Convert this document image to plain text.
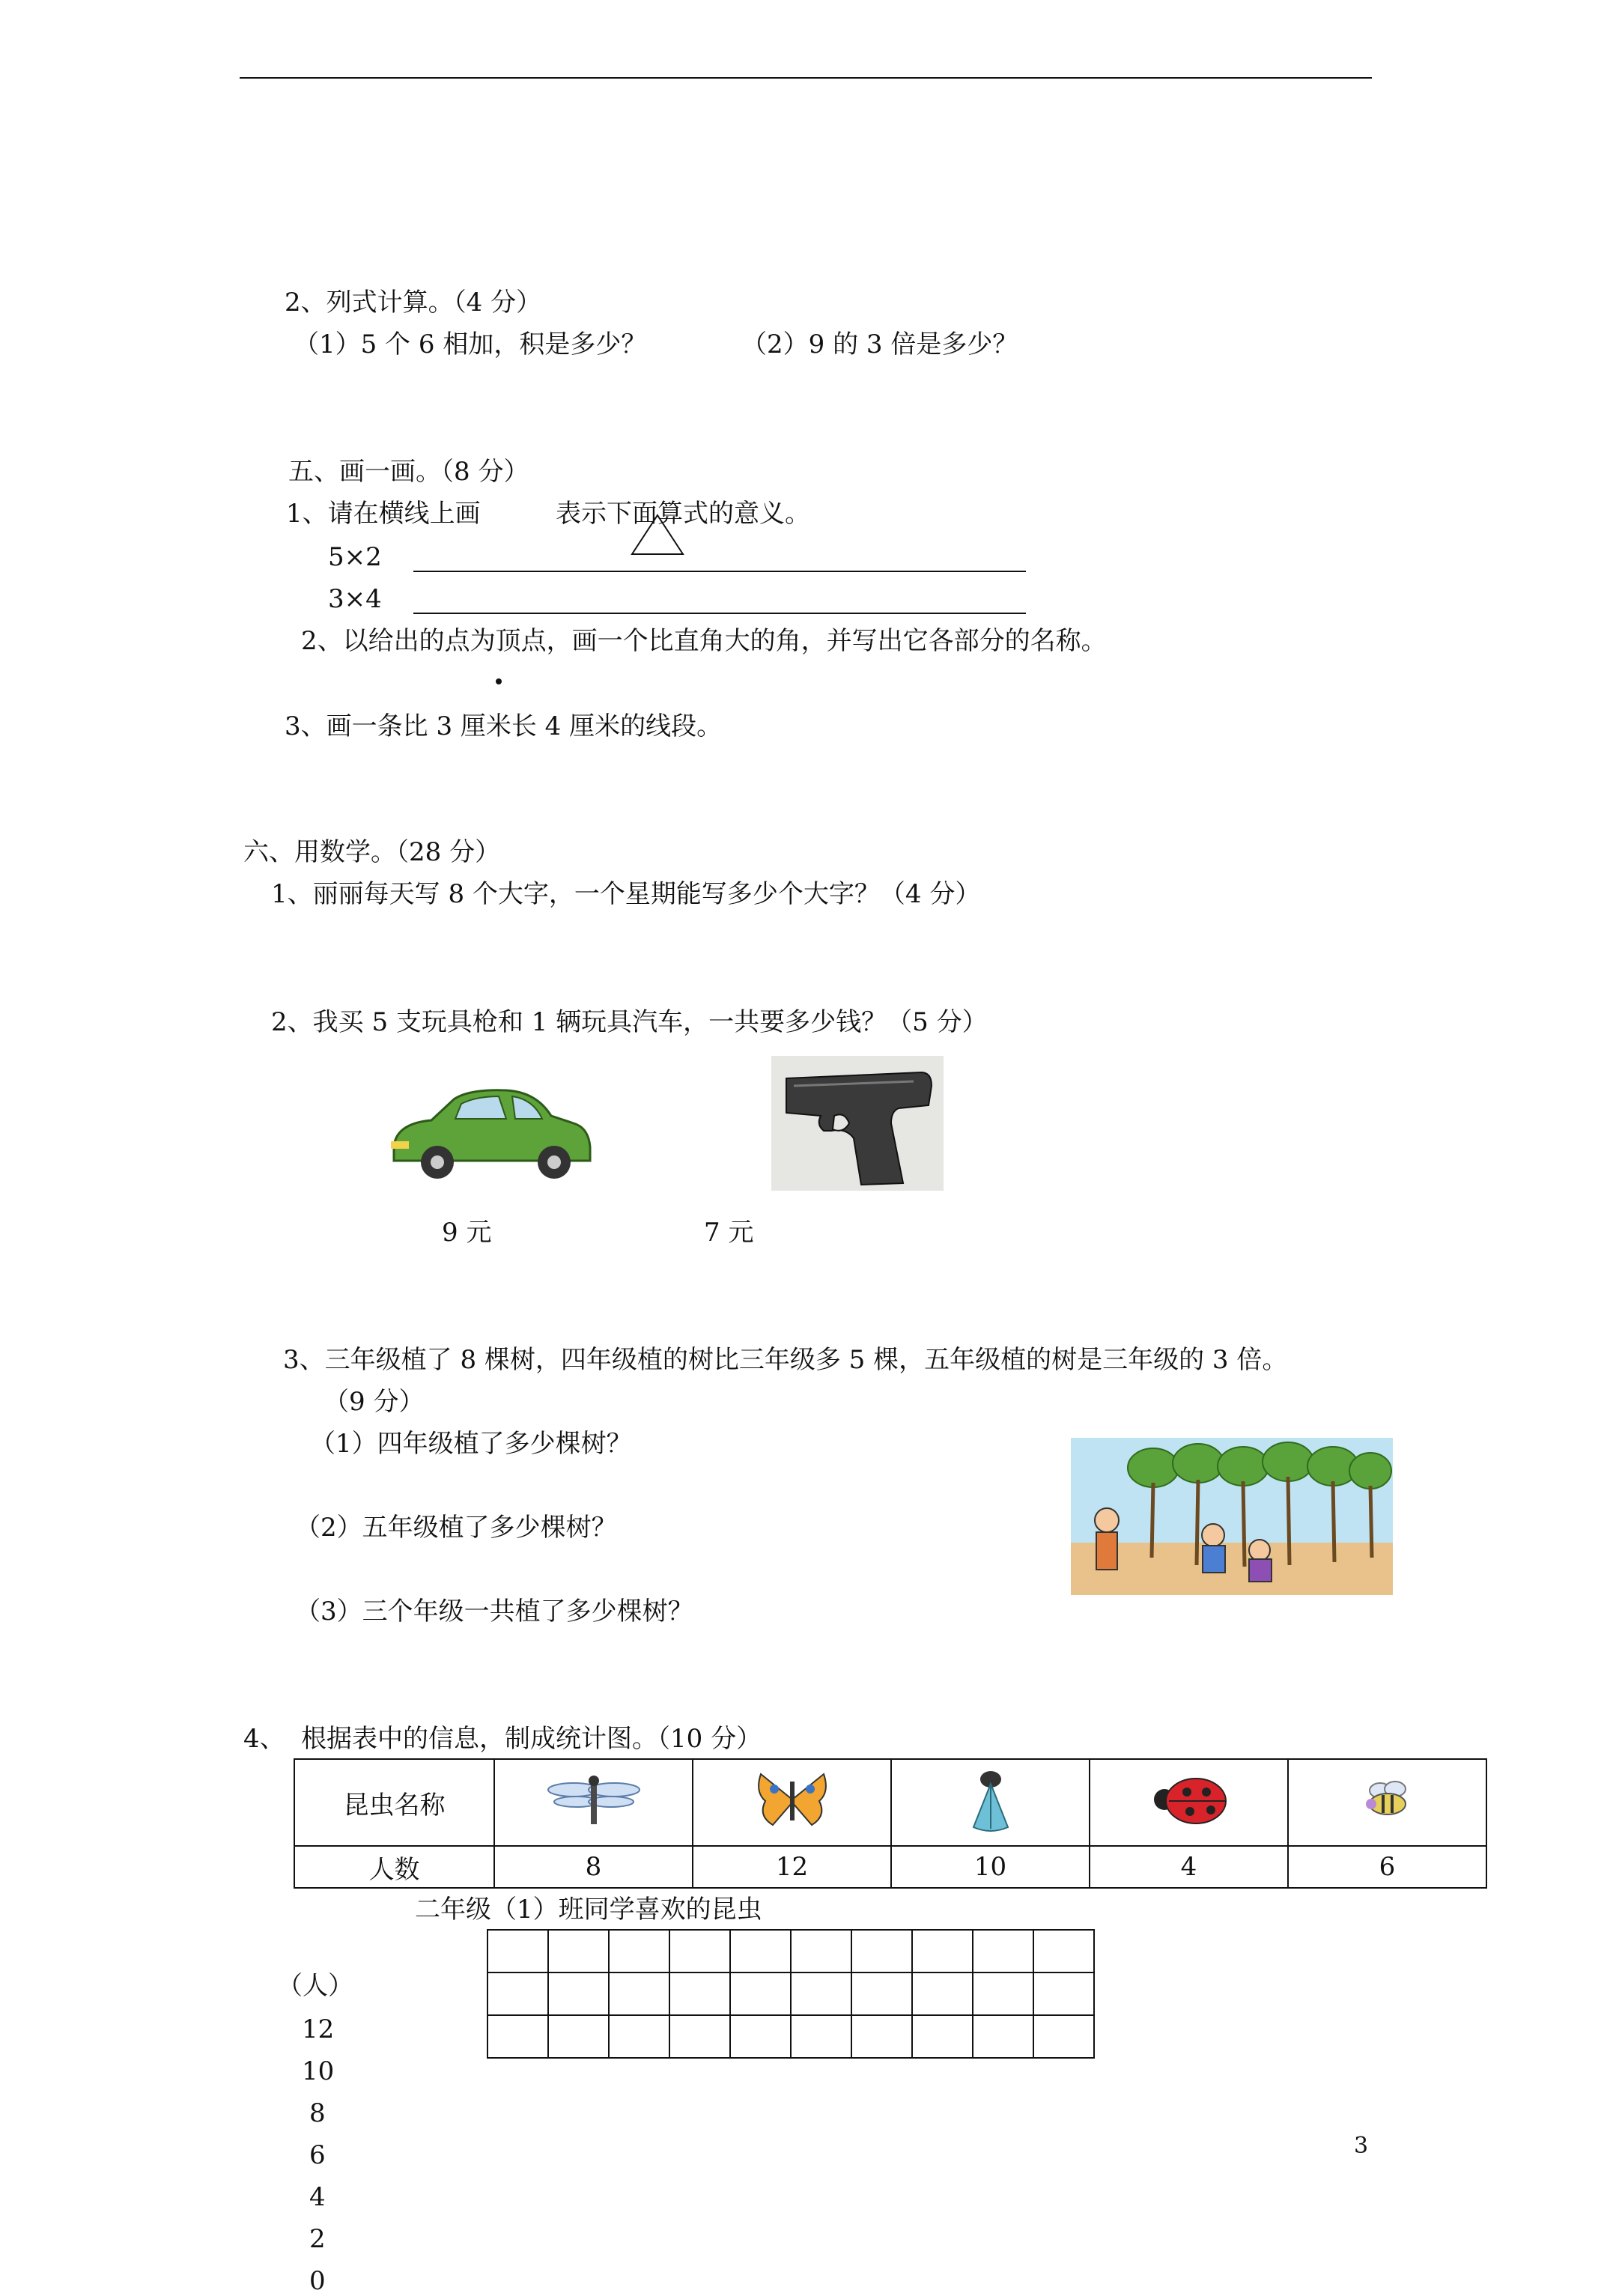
2、列式计算。（4 分）
（1）5 个 6 相加，积是多少？	（2）9 的 3 倍是多少？
五、画一画。（8 分）
1、请在横线上画	表示下面算式的意义。
5×2
3×4
2、以给出的点为顶点，画一个比直角大的角，并写出它各部分的名称。
3、画一条比 3 厘米长 4 厘米的线段。
六、用数学。（28 分）
1、丽丽每天写 8 个大字，一个星期能写多少个大字？（4 分）
2、我买 5 支玩具枪和 1 辆玩具汽车，一共要多少钱？（5 分）
9 元	7 元
3、三年级植了 8 棵树，四年级植的树比三年级多 5 棵，五年级植的树是三年级的 3 倍。
（9 分）
（1）四年级植了多少棵树？
（2）五年级植了多少棵树？
（3）三个年级一共植了多少棵树？
4、 根据表中的信息，制成统计图。（10 分）
昆虫名称					
人数	8	12	10	4	6
二年级（1）班同学喜欢的昆虫
（人）
12
10
8
6
4
2
0

3
